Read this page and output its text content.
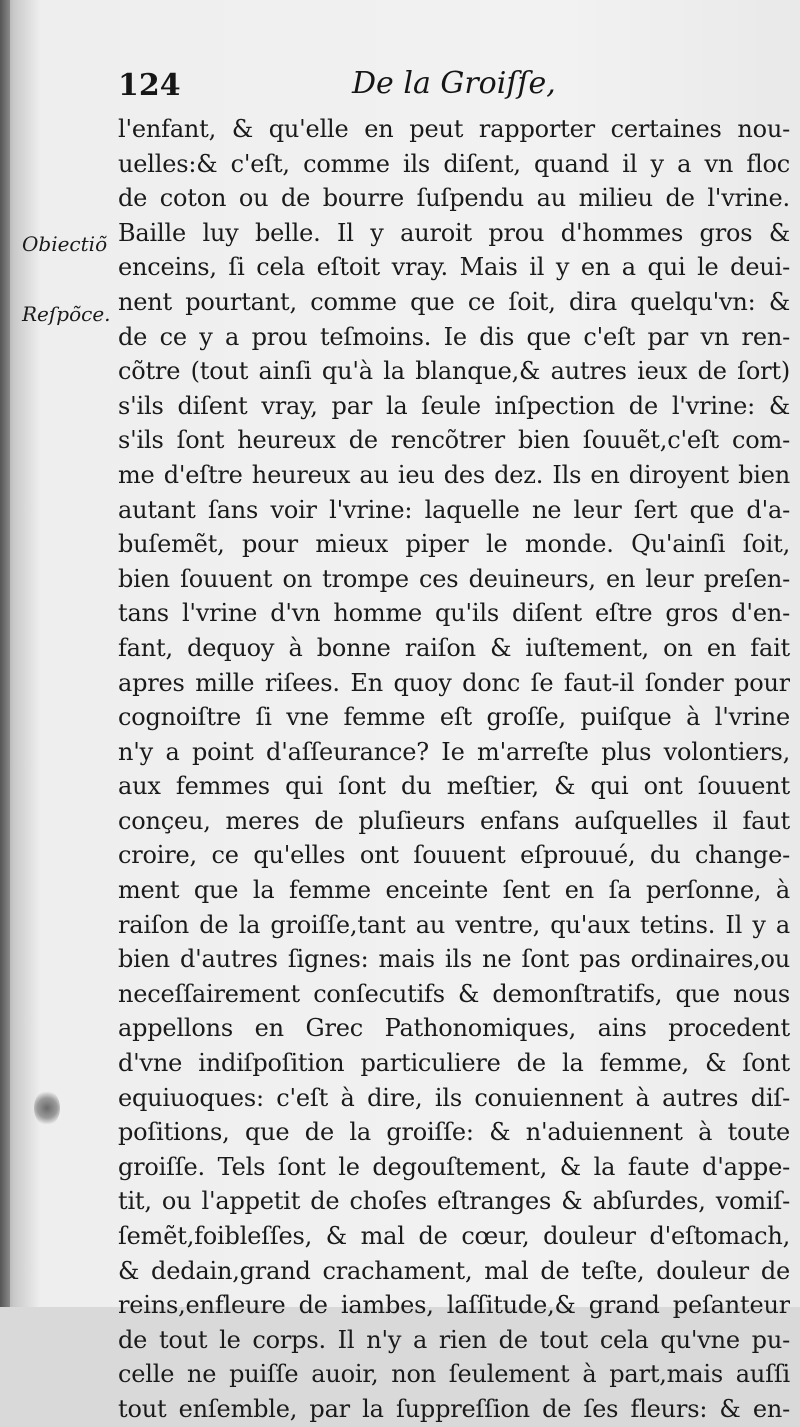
124	De la Groiſſe,
Obiectiõ
Reſpõce.
l'enfant, & qu'elle en peut rapporter certaines nou-
uelles:& c'eſt, comme ils diſent, quand il y a vn floc
de coton ou de bourre ſuſpendu au milieu de l'vrine.
Baille luy belle. Il y auroit prou d'hommes gros &
enceins, ſi cela eſtoit vray. Mais il y en a qui le deui-
nent pourtant, comme que ce ſoit, dira quelqu'vn: &
de ce y a prou teſmoins. Ie dis que c'eſt par vn ren-
cõtre (tout ainſi qu'à la blanque,& autres ieux de ſort)
s'ils diſent vray, par la ſeule inſpection de l'vrine: &
s'ils ſont heureux de rencõtrer bien ſouuẽt,c'eſt com-
me d'eſtre heureux au ieu des dez. Ils en diroyent bien
autant ſans voir l'vrine: laquelle ne leur ſert que d'a-
buſemẽt, pour mieux piper le monde. Qu'ainſi ſoit,
bien ſouuent on trompe ces deuineurs, en leur preſen-
tans l'vrine d'vn homme qu'ils diſent eſtre gros d'en-
fant, dequoy à bonne raiſon & iuſtement, on en fait
apres mille riſees. En quoy donc ſe faut-il ſonder pour
cognoiſtre ſi vne femme eſt groſſe, puiſque à l'vrine
n'y a point d'aſſeurance? Ie m'arreſte plus volontiers,
aux femmes qui ſont du meſtier, & qui ont ſouuent
conçeu, meres de pluſieurs enfans auſquelles il faut
croire, ce qu'elles ont ſouuent eſprouué, du change-
ment que la femme enceinte ſent en ſa perſonne, à
raiſon de la groiſſe,tant au ventre, qu'aux tetins. Il y a
bien d'autres ſignes: mais ils ne ſont pas ordinaires,ou
neceſſairement conſecutifs & demonſtratifs, que nous
appellons en Grec Pathonomiques, ains procedent
d'vne indiſpoſition particuliere de la femme, & ſont
equiuoques: c'eſt à dire, ils conuiennent à autres diſ-
poſitions, que de la groiſſe: & n'aduiennent à toute
groiſſe. Tels ſont le degouſtement, & la faute d'appe-
tit, ou l'appetit de choſes eſtranges & abſurdes, vomiſ-
ſemẽt,foibleſſes, & mal de cœur, douleur d'eſtomach,
& dedain,grand crachament, mal de teſte, douleur de
reins,enfleure de iambes, laſſitude,& grand peſanteur
de tout le corps. Il n'y a rien de tout cela qu'vne pu-
celle ne puiſſe auoir, non ſeulement à part,mais auſſi
tout enſemble, par la ſuppreſſion de ſes fleurs: & en-
